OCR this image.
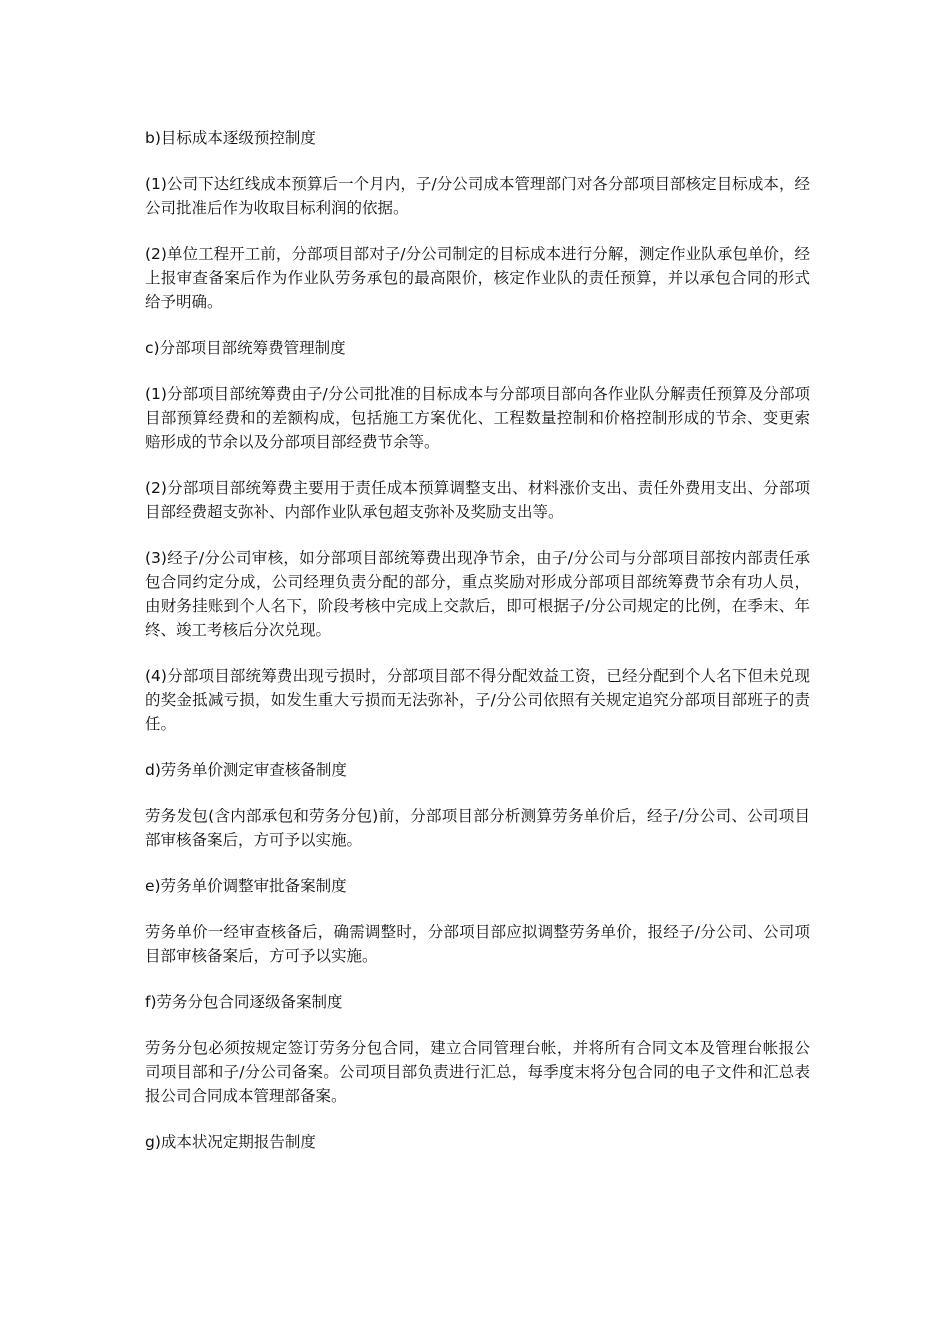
b)目标成本逐级预控制度

(1)公司下达红线成本预算后一个月内，子/分公司成本管理部门对各分部项目部核定目标成本，经公司批准后作为收取目标利润的依据。

(2)单位工程开工前，分部项目部对子/分公司制定的目标成本进行分解，测定作业队承包单价，经上报审查备案后作为作业队劳务承包的最高限价，核定作业队的责任预算，并以承包合同的形式给予明确。

c)分部项目部统筹费管理制度

(1)分部项目部统筹费由子/分公司批准的目标成本与分部项目部向各作业队分解责任预算及分部项目部预算经费和的差额构成，包括施工方案优化、工程数量控制和价格控制形成的节余、变更索赔形成的节余以及分部项目部经费节余等。

(2)分部项目部统筹费主要用于责任成本预算调整支出、材料涨价支出、责任外费用支出、分部项目部经费超支弥补、内部作业队承包超支弥补及奖励支出等。

(3)经子/分公司审核，如分部项目部统筹费出现净节余，由子/分公司与分部项目部按内部责任承包合同约定分成，公司经理负责分配的部分，重点奖励对形成分部项目部统筹费节余有功人员，由财务挂账到个人名下，阶段考核中完成上交款后，即可根据子/分公司规定的比例，在季末、年终、竣工考核后分次兑现。

(4)分部项目部统筹费出现亏损时，分部项目部不得分配效益工资，已经分配到个人名下但未兑现的奖金抵减亏损，如发生重大亏损而无法弥补，子/分公司依照有关规定追究分部项目部班子的责任。

d)劳务单价测定审查核备制度

劳务发包(含内部承包和劳务分包)前，分部项目部分析测算劳务单价后，经子/分公司、公司项目部审核备案后，方可予以实施。

e)劳务单价调整审批备案制度

劳务单价一经审查核备后，确需调整时，分部项目部应拟调整劳务单价，报经子/分公司、公司项目部审核备案后，方可予以实施。

f)劳务分包合同逐级备案制度

劳务分包必须按规定签订劳务分包合同，建立合同管理台帐，并将所有合同文本及管理台帐报公司项目部和子/分公司备案。公司项目部负责进行汇总，每季度末将分包合同的电子文件和汇总表报公司合同成本管理部备案。

g)成本状况定期报告制度
